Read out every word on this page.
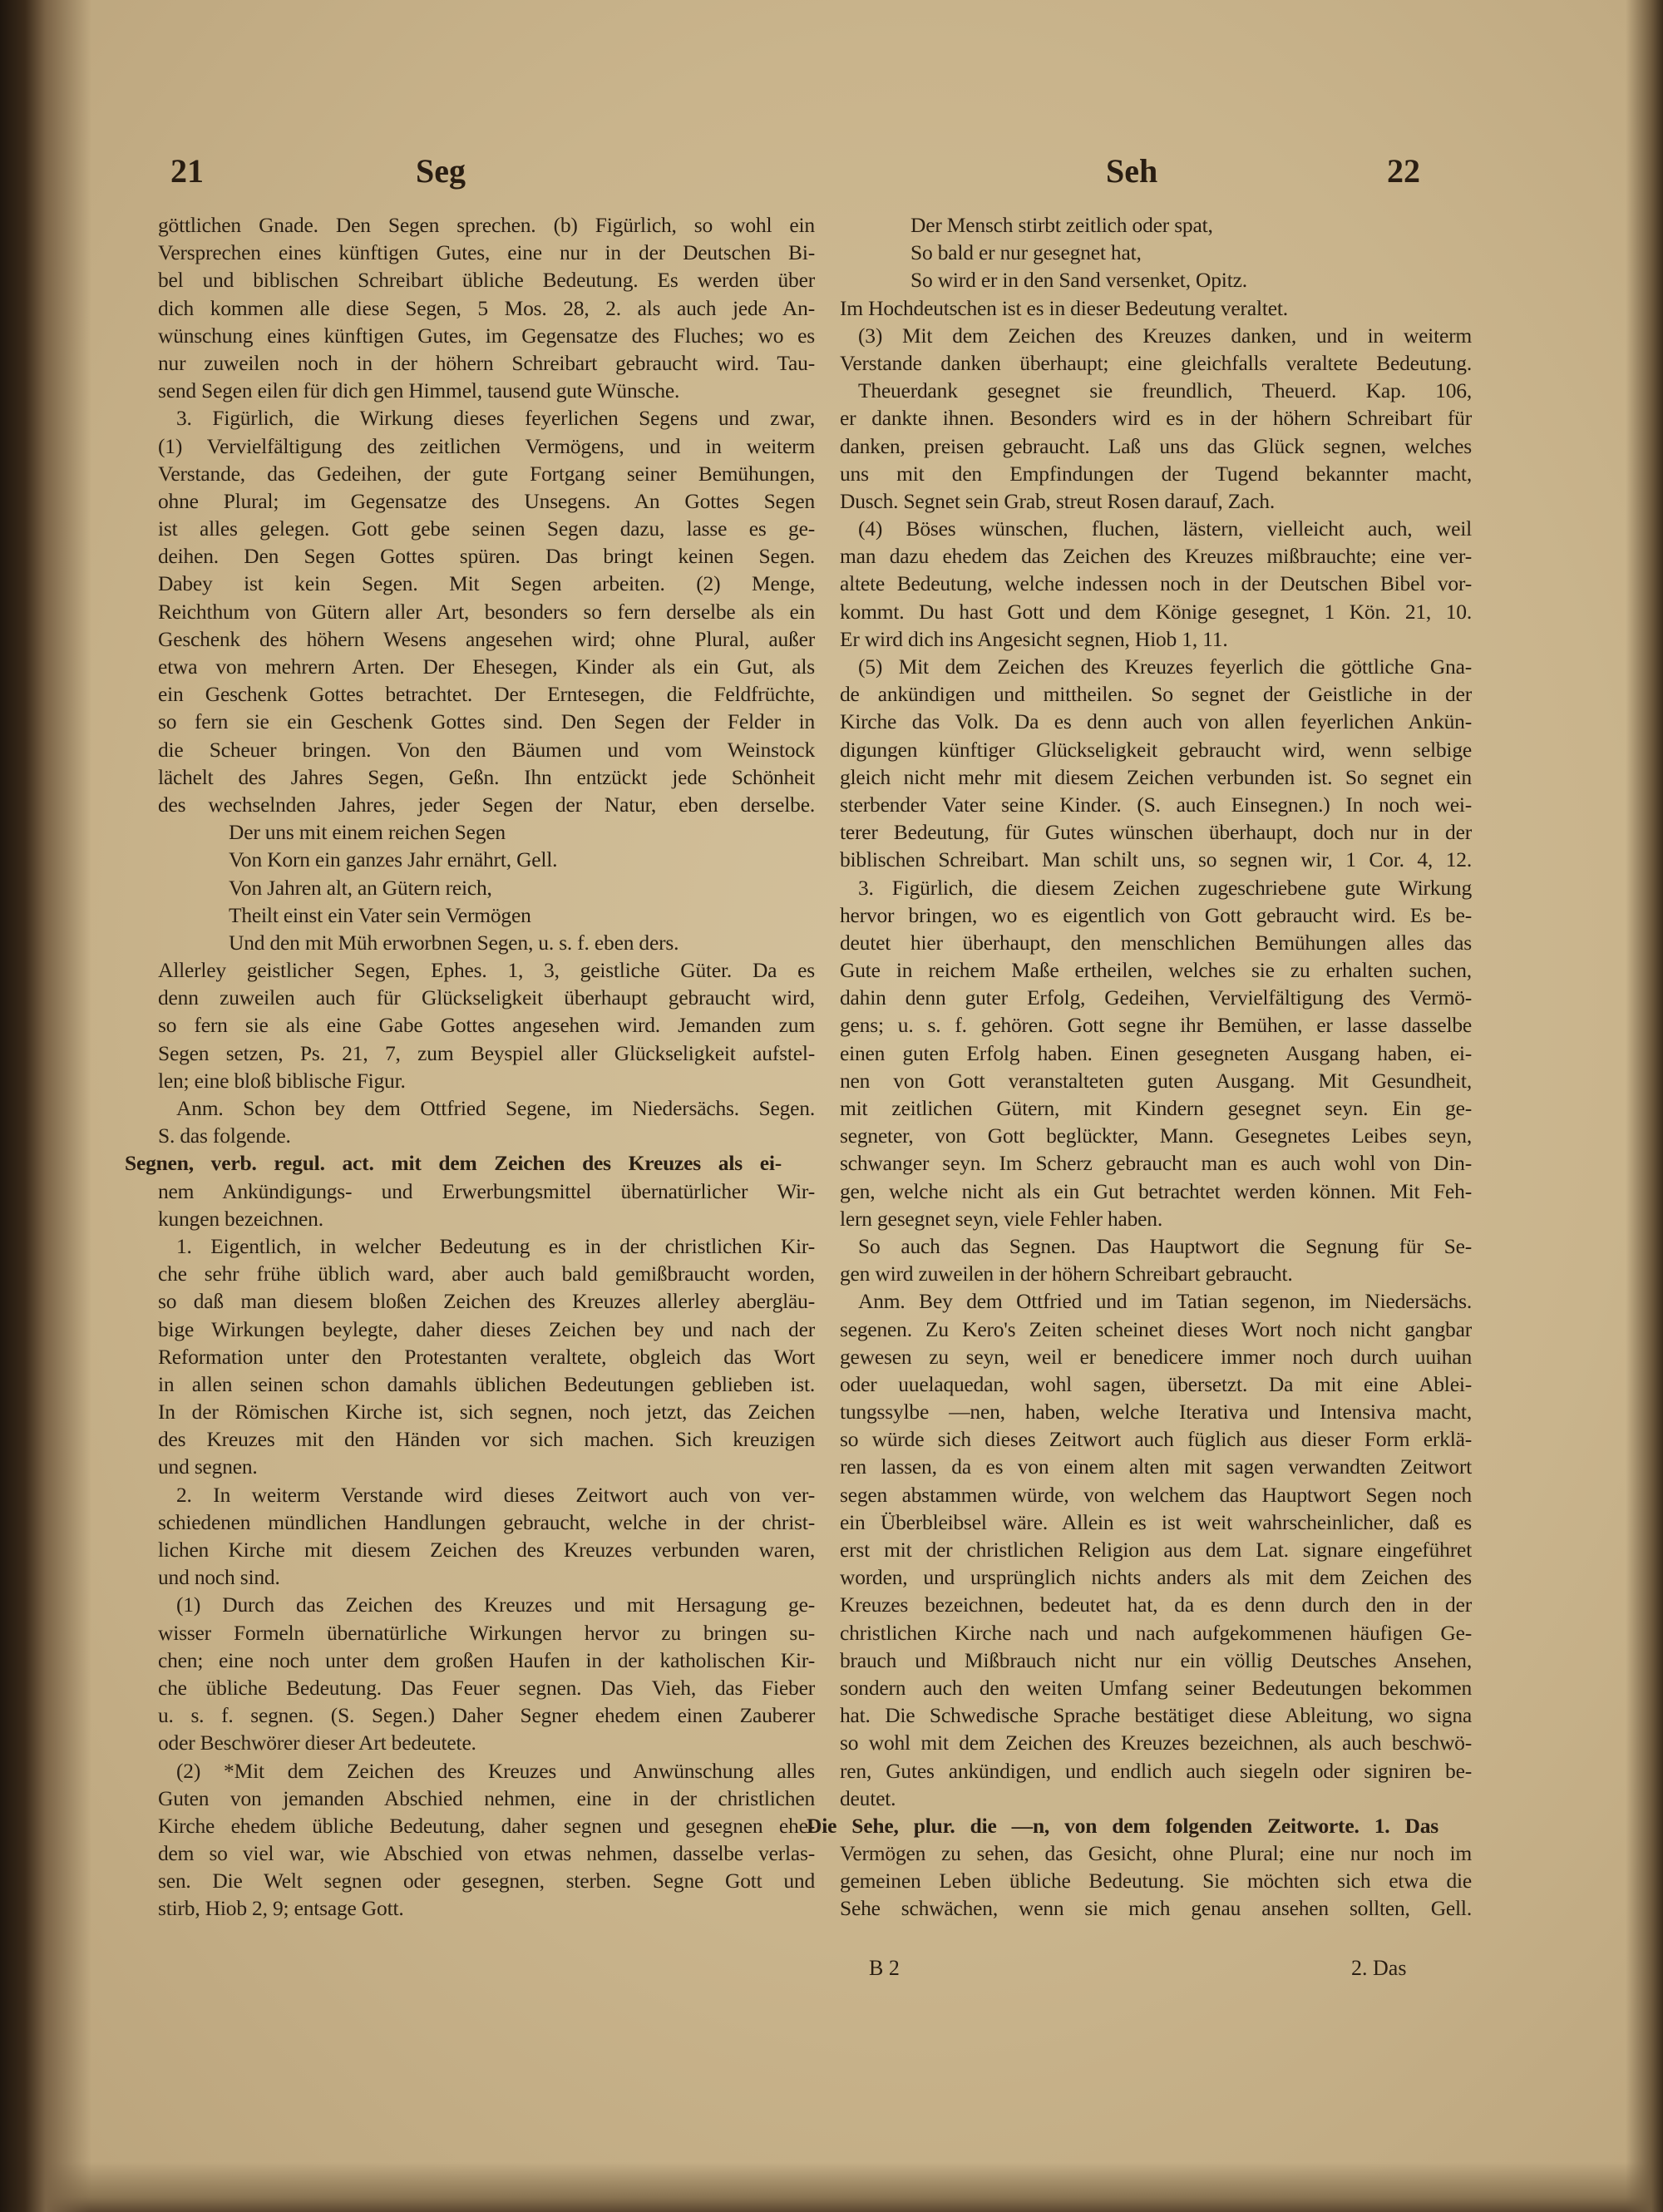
21	Seg	Seh	22
göttlichen Gnade. Den Segen sprechen. (b) Figürlich, so wohl ein
Versprechen eines künftigen Gutes, eine nur in der Deutschen Bi-
bel und biblischen Schreibart übliche Bedeutung. Es werden über
dich kommen alle diese Segen, 5 Mos. 28, 2. als auch jede An-
wünschung eines künftigen Gutes, im Gegensatze des Fluches; wo es
nur zuweilen noch in der höhern Schreibart gebraucht wird. Tau-
send Segen eilen für dich gen Himmel, tausend gute Wünsche.
3. Figürlich, die Wirkung dieses feyerlichen Segens und zwar,
(1) Vervielfältigung des zeitlichen Vermögens, und in weiterm
Verstande, das Gedeihen, der gute Fortgang seiner Bemühungen,
ohne Plural; im Gegensatze des Unsegens. An Gottes Segen
ist alles gelegen. Gott gebe seinen Segen dazu, lasse es ge-
deihen. Den Segen Gottes spüren. Das bringt keinen Segen.
Dabey ist kein Segen. Mit Segen arbeiten. (2) Menge,
Reichthum von Gütern aller Art, besonders so fern derselbe als ein
Geschenk des höhern Wesens angesehen wird; ohne Plural, außer
etwa von mehrern Arten. Der Ehesegen, Kinder als ein Gut, als
ein Geschenk Gottes betrachtet. Der Erntesegen, die Feldfrüchte,
so fern sie ein Geschenk Gottes sind. Den Segen der Felder in
die Scheuer bringen. Von den Bäumen und vom Weinstock
lächelt des Jahres Segen, Geßn. Ihn entzückt jede Schönheit
des wechselnden Jahres, jeder Segen der Natur, eben derselbe.
Der uns mit einem reichen Segen
Von Korn ein ganzes Jahr ernährt, Gell.
Von Jahren alt, an Gütern reich,
Theilt einst ein Vater sein Vermögen
Und den mit Müh erworbnen Segen, u. s. f. eben ders.
Allerley geistlicher Segen, Ephes. 1, 3, geistliche Güter. Da es
denn zuweilen auch für Glückseligkeit überhaupt gebraucht wird,
so fern sie als eine Gabe Gottes angesehen wird. Jemanden zum
Segen setzen, Ps. 21, 7, zum Beyspiel aller Glückseligkeit aufstel-
len; eine bloß biblische Figur.
Anm. Schon bey dem Ottfried Segene, im Niedersächs. Segen.
S. das folgende.
Segnen, verb. regul. act. mit dem Zeichen des Kreuzes als ei-
nem Ankündigungs- und Erwerbungsmittel übernatürlicher Wir-
kungen bezeichnen.
1. Eigentlich, in welcher Bedeutung es in der christlichen Kir-
che sehr frühe üblich ward, aber auch bald gemißbraucht worden,
so daß man diesem bloßen Zeichen des Kreuzes allerley abergläu-
bige Wirkungen beylegte, daher dieses Zeichen bey und nach der
Reformation unter den Protestanten veraltete, obgleich das Wort
in allen seinen schon damahls üblichen Bedeutungen geblieben ist.
In der Römischen Kirche ist, sich segnen, noch jetzt, das Zeichen
des Kreuzes mit den Händen vor sich machen. Sich kreuzigen
und segnen.
2. In weiterm Verstande wird dieses Zeitwort auch von ver-
schiedenen mündlichen Handlungen gebraucht, welche in der christ-
lichen Kirche mit diesem Zeichen des Kreuzes verbunden waren,
und noch sind.
(1) Durch das Zeichen des Kreuzes und mit Hersagung ge-
wisser Formeln übernatürliche Wirkungen hervor zu bringen su-
chen; eine noch unter dem großen Haufen in der katholischen Kir-
che übliche Bedeutung. Das Feuer segnen. Das Vieh, das Fieber
u. s. f. segnen. (S. Segen.) Daher Segner ehedem einen Zauberer
oder Beschwörer dieser Art bedeutete.
(2) *Mit dem Zeichen des Kreuzes und Anwünschung alles
Guten von jemanden Abschied nehmen, eine in der christlichen
Kirche ehedem übliche Bedeutung, daher segnen und gesegnen ehe-
dem so viel war, wie Abschied von etwas nehmen, dasselbe verlas-
sen. Die Welt segnen oder gesegnen, sterben. Segne Gott und
stirb, Hiob 2, 9; entsage Gott.
Der Mensch stirbt zeitlich oder spat,
So bald er nur gesegnet hat,
So wird er in den Sand versenket, Opitz.
Im Hochdeutschen ist es in dieser Bedeutung veraltet.
(3) Mit dem Zeichen des Kreuzes danken, und in weiterm
Verstande danken überhaupt; eine gleichfalls veraltete Bedeutung.
Theuerdank gesegnet sie freundlich, Theuerd. Kap. 106,
er dankte ihnen. Besonders wird es in der höhern Schreibart für
danken, preisen gebraucht. Laß uns das Glück segnen, welches
uns mit den Empfindungen der Tugend bekannter macht,
Dusch. Segnet sein Grab, streut Rosen darauf, Zach.
(4) Böses wünschen, fluchen, lästern, vielleicht auch, weil
man dazu ehedem das Zeichen des Kreuzes mißbrauchte; eine ver-
altete Bedeutung, welche indessen noch in der Deutschen Bibel vor-
kommt. Du hast Gott und dem Könige gesegnet, 1 Kön. 21, 10.
Er wird dich ins Angesicht segnen, Hiob 1, 11.
(5) Mit dem Zeichen des Kreuzes feyerlich die göttliche Gna-
de ankündigen und mittheilen. So segnet der Geistliche in der
Kirche das Volk. Da es denn auch von allen feyerlichen Ankün-
digungen künftiger Glückseligkeit gebraucht wird, wenn selbige
gleich nicht mehr mit diesem Zeichen verbunden ist. So segnet ein
sterbender Vater seine Kinder. (S. auch Einsegnen.) In noch wei-
terer Bedeutung, für Gutes wünschen überhaupt, doch nur in der
biblischen Schreibart. Man schilt uns, so segnen wir, 1 Cor. 4, 12.
3. Figürlich, die diesem Zeichen zugeschriebene gute Wirkung
hervor bringen, wo es eigentlich von Gott gebraucht wird. Es be-
deutet hier überhaupt, den menschlichen Bemühungen alles das
Gute in reichem Maße ertheilen, welches sie zu erhalten suchen,
dahin denn guter Erfolg, Gedeihen, Vervielfältigung des Vermö-
gens; u. s. f. gehören. Gott segne ihr Bemühen, er lasse dasselbe
einen guten Erfolg haben. Einen gesegneten Ausgang haben, ei-
nen von Gott veranstalteten guten Ausgang. Mit Gesundheit,
mit zeitlichen Gütern, mit Kindern gesegnet seyn. Ein ge-
segneter, von Gott beglückter, Mann. Gesegnetes Leibes seyn,
schwanger seyn. Im Scherz gebraucht man es auch wohl von Din-
gen, welche nicht als ein Gut betrachtet werden können. Mit Feh-
lern gesegnet seyn, viele Fehler haben.
So auch das Segnen. Das Hauptwort die Segnung für Se-
gen wird zuweilen in der höhern Schreibart gebraucht.
Anm. Bey dem Ottfried und im Tatian segenon, im Niedersächs.
segenen. Zu Kero's Zeiten scheinet dieses Wort noch nicht gangbar
gewesen zu seyn, weil er benedicere immer noch durch uuihan
oder uuelaquedan, wohl sagen, übersetzt. Da mit eine Ablei-
tungssylbe —nen, haben, welche Iterativa und Intensiva macht,
so würde sich dieses Zeitwort auch füglich aus dieser Form erklä-
ren lassen, da es von einem alten mit sagen verwandten Zeitwort
segen abstammen würde, von welchem das Hauptwort Segen noch
ein Überbleibsel wäre. Allein es ist weit wahrscheinlicher, daß es
erst mit der christlichen Religion aus dem Lat. signare eingeführet
worden, und ursprünglich nichts anders als mit dem Zeichen des
Kreuzes bezeichnen, bedeutet hat, da es denn durch den in der
christlichen Kirche nach und nach aufgekommenen häufigen Ge-
brauch und Mißbrauch nicht nur ein völlig Deutsches Ansehen,
sondern auch den weiten Umfang seiner Bedeutungen bekommen
hat. Die Schwedische Sprache bestätiget diese Ableitung, wo signa
so wohl mit dem Zeichen des Kreuzes bezeichnen, als auch beschwö-
ren, Gutes ankündigen, und endlich auch siegeln oder signiren be-
deutet.
Die Sehe, plur. die —n, von dem folgenden Zeitworte. 1. Das
Vermögen zu sehen, das Gesicht, ohne Plural; eine nur noch im
gemeinen Leben übliche Bedeutung. Sie möchten sich etwa die
Sehe schwächen, wenn sie mich genau ansehen sollten, Gell.
B 2	2. Das
